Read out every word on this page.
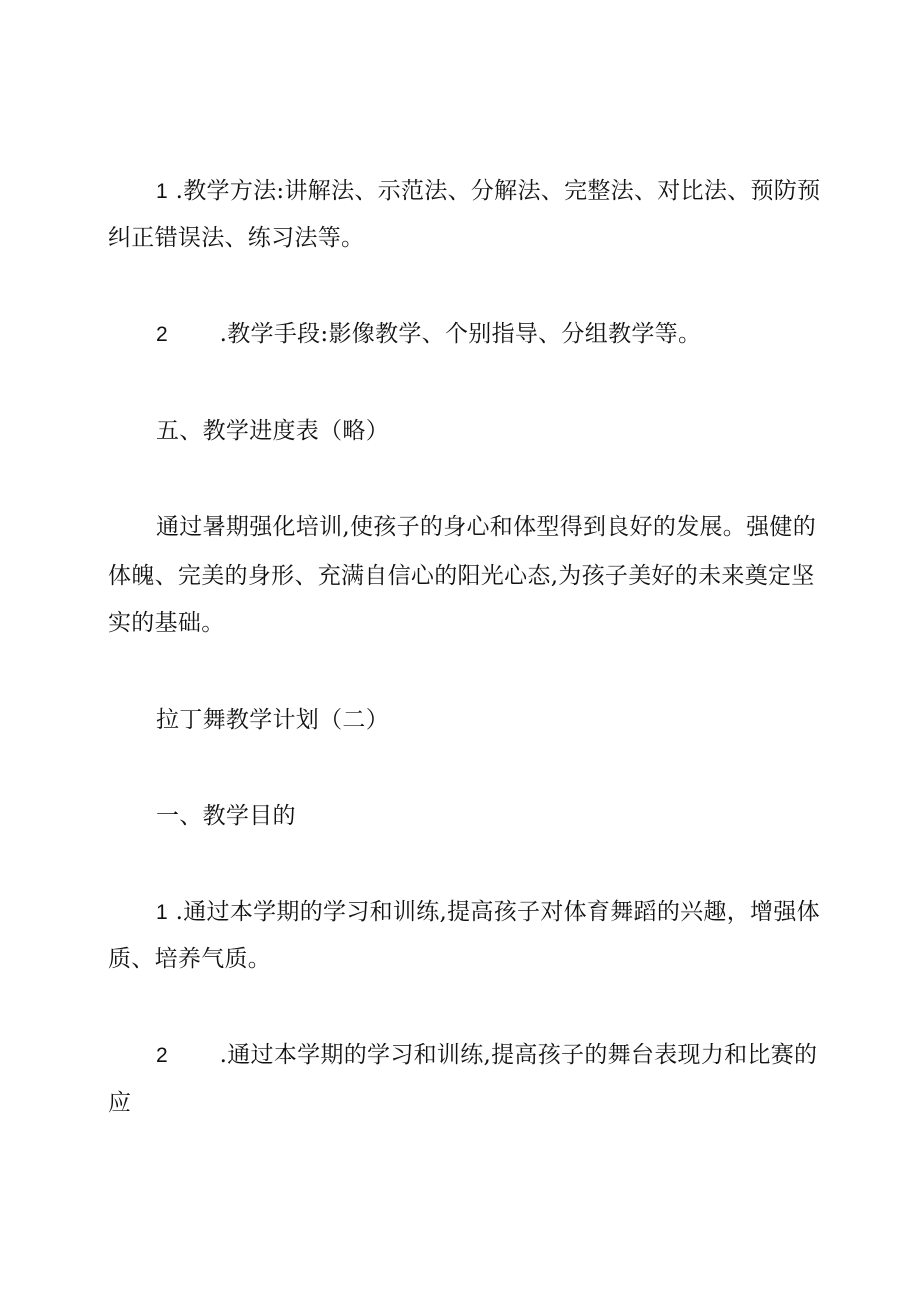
1 .教学方法:讲解法、示范法、分解法、完整法、对比法、预防预
纠正错误法、练习法等。
2 .教学手段:影像教学、个别指导、分组教学等。
五、教学进度表（略）
通过暑期强化培训,使孩子的身心和体型得到良好的发展。强健的
体魄、完美的身形、充满自信心的阳光心态,为孩子美好的未来奠定坚
实的基础。
拉丁舞教学计划（二）
一、教学目的
1 .通过本学期的学习和训练,提高孩子对体育舞蹈的兴趣，增强体
质、培养气质。
2 .通过本学期的学习和训练,提高孩子的舞台表现力和比赛的
应
